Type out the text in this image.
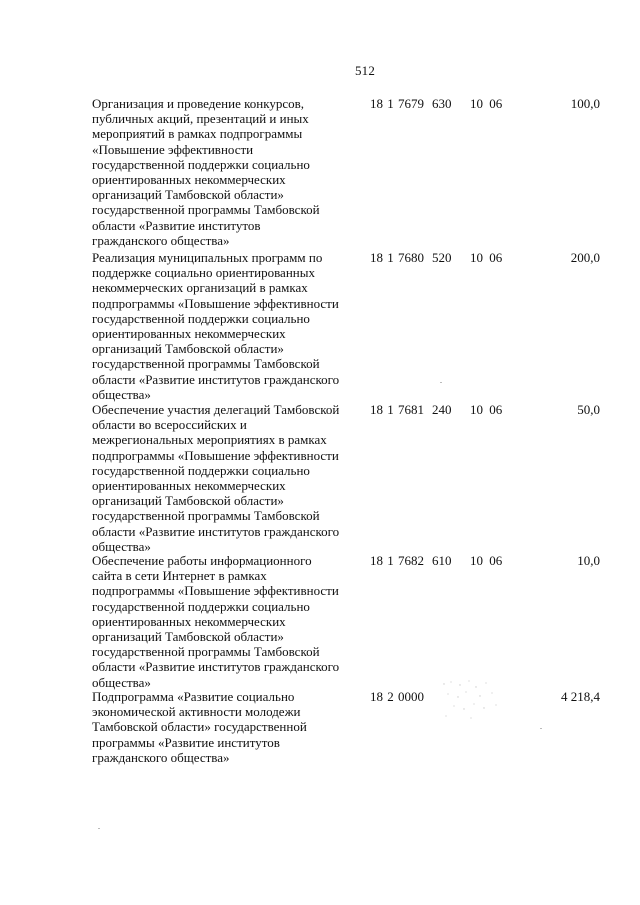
512
Организация и проведение конкурсов,
публичных акций, презентаций и иных
мероприятий в рамках подпрограммы
«Повышение эффективности
государственной поддержки социально
ориентированных некоммерческих
организаций Тамбовской области»
государственной программы Тамбовской
области «Развитие институтов
гражданского общества»
18 1 7679 630 10 06	100,0
Реализация муниципальных программ по
поддержке социально ориентированных
некоммерческих организаций в рамках
подпрограммы «Повышение эффективности
государственной поддержки социально
ориентированных некоммерческих
организаций Тамбовской области»
государственной программы Тамбовской
области «Развитие институтов гражданского
общества»
18 1 7680 520 10 06	200,0
Обеспечение участия делегаций Тамбовской
области во всероссийских и
межрегиональных мероприятиях в рамках
подпрограммы «Повышение эффективности
государственной поддержки социально
ориентированных некоммерческих
организаций Тамбовской области»
государственной программы Тамбовской
области «Развитие институтов гражданского
общества»
18 1 7681 240 10 06	50,0
Обеспечение работы информационного
сайта в сети Интернет в рамках
подпрограммы «Повышение эффективности
государственной поддержки социально
ориентированных некоммерческих
организаций Тамбовской области»
государственной программы Тамбовской
области «Развитие институтов гражданского
общества»
18 1 7682 610 10 06	10,0
Подпрограмма «Развитие социально
экономической активности молодежи
Тамбовской области» государственной
программы «Развитие институтов
гражданского общества»
18 2 0000	4 218,4
